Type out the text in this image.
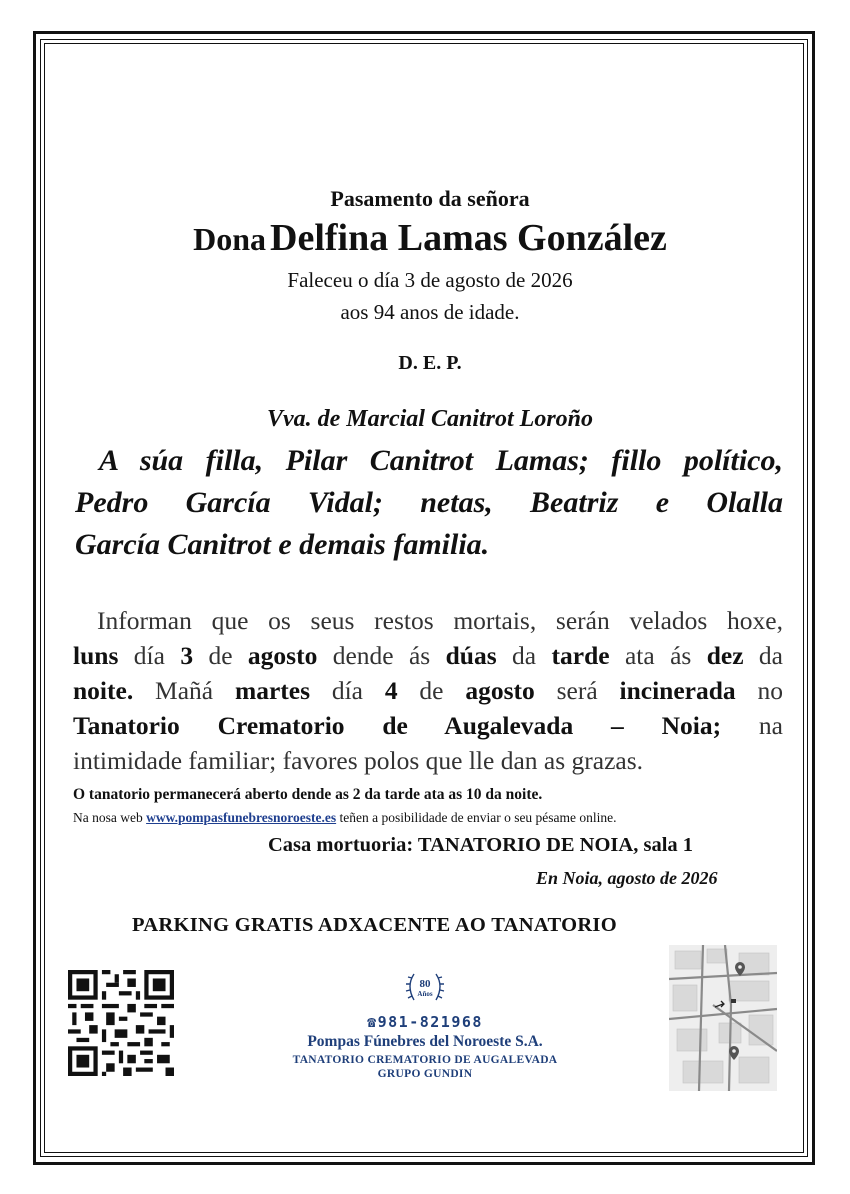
Pasamento da señora
Dona Delfina Lamas González
Faleceu o día 3 de agosto de 2026
aos 94 anos de idade.
D. E. P.
Vva. de Marcial Canitrot Loroño
A súa filla, Pilar Canitrot Lamas; fillo político,
Pedro García Vidal; netas, Beatriz e Olalla

García Canitrot e demais familia.
Informan que os seus restos mortais, serán velados hoxe,
luns día 3 de agosto dende ás dúas da tarde ata ás dez da
noite. Mañá martes día 4 de agosto será incinerada no
Tanatorio Crematorio de Augalevada – Noia; na

intimidade familiar; favores polos que lle dan as grazas.
O tanatorio permanecerá aberto dende as 2 da tarde ata as 10 da noite.
Na nosa web www.pompasfunebresnoroeste.es teñen a posibilidade de enviar o seu pésame online.
Casa mortuoria: TANATORIO DE NOIA, sala 1
En Noia, agosto de 2026
PARKING GRATIS ADXACENTE AO TANATORIO
80
Años
☎981-821968
Pompas Fúnebres del Noroeste S.A.
TANATORIO CREMATORIO DE AUGALEVADA
GRUPO GUNDIN
